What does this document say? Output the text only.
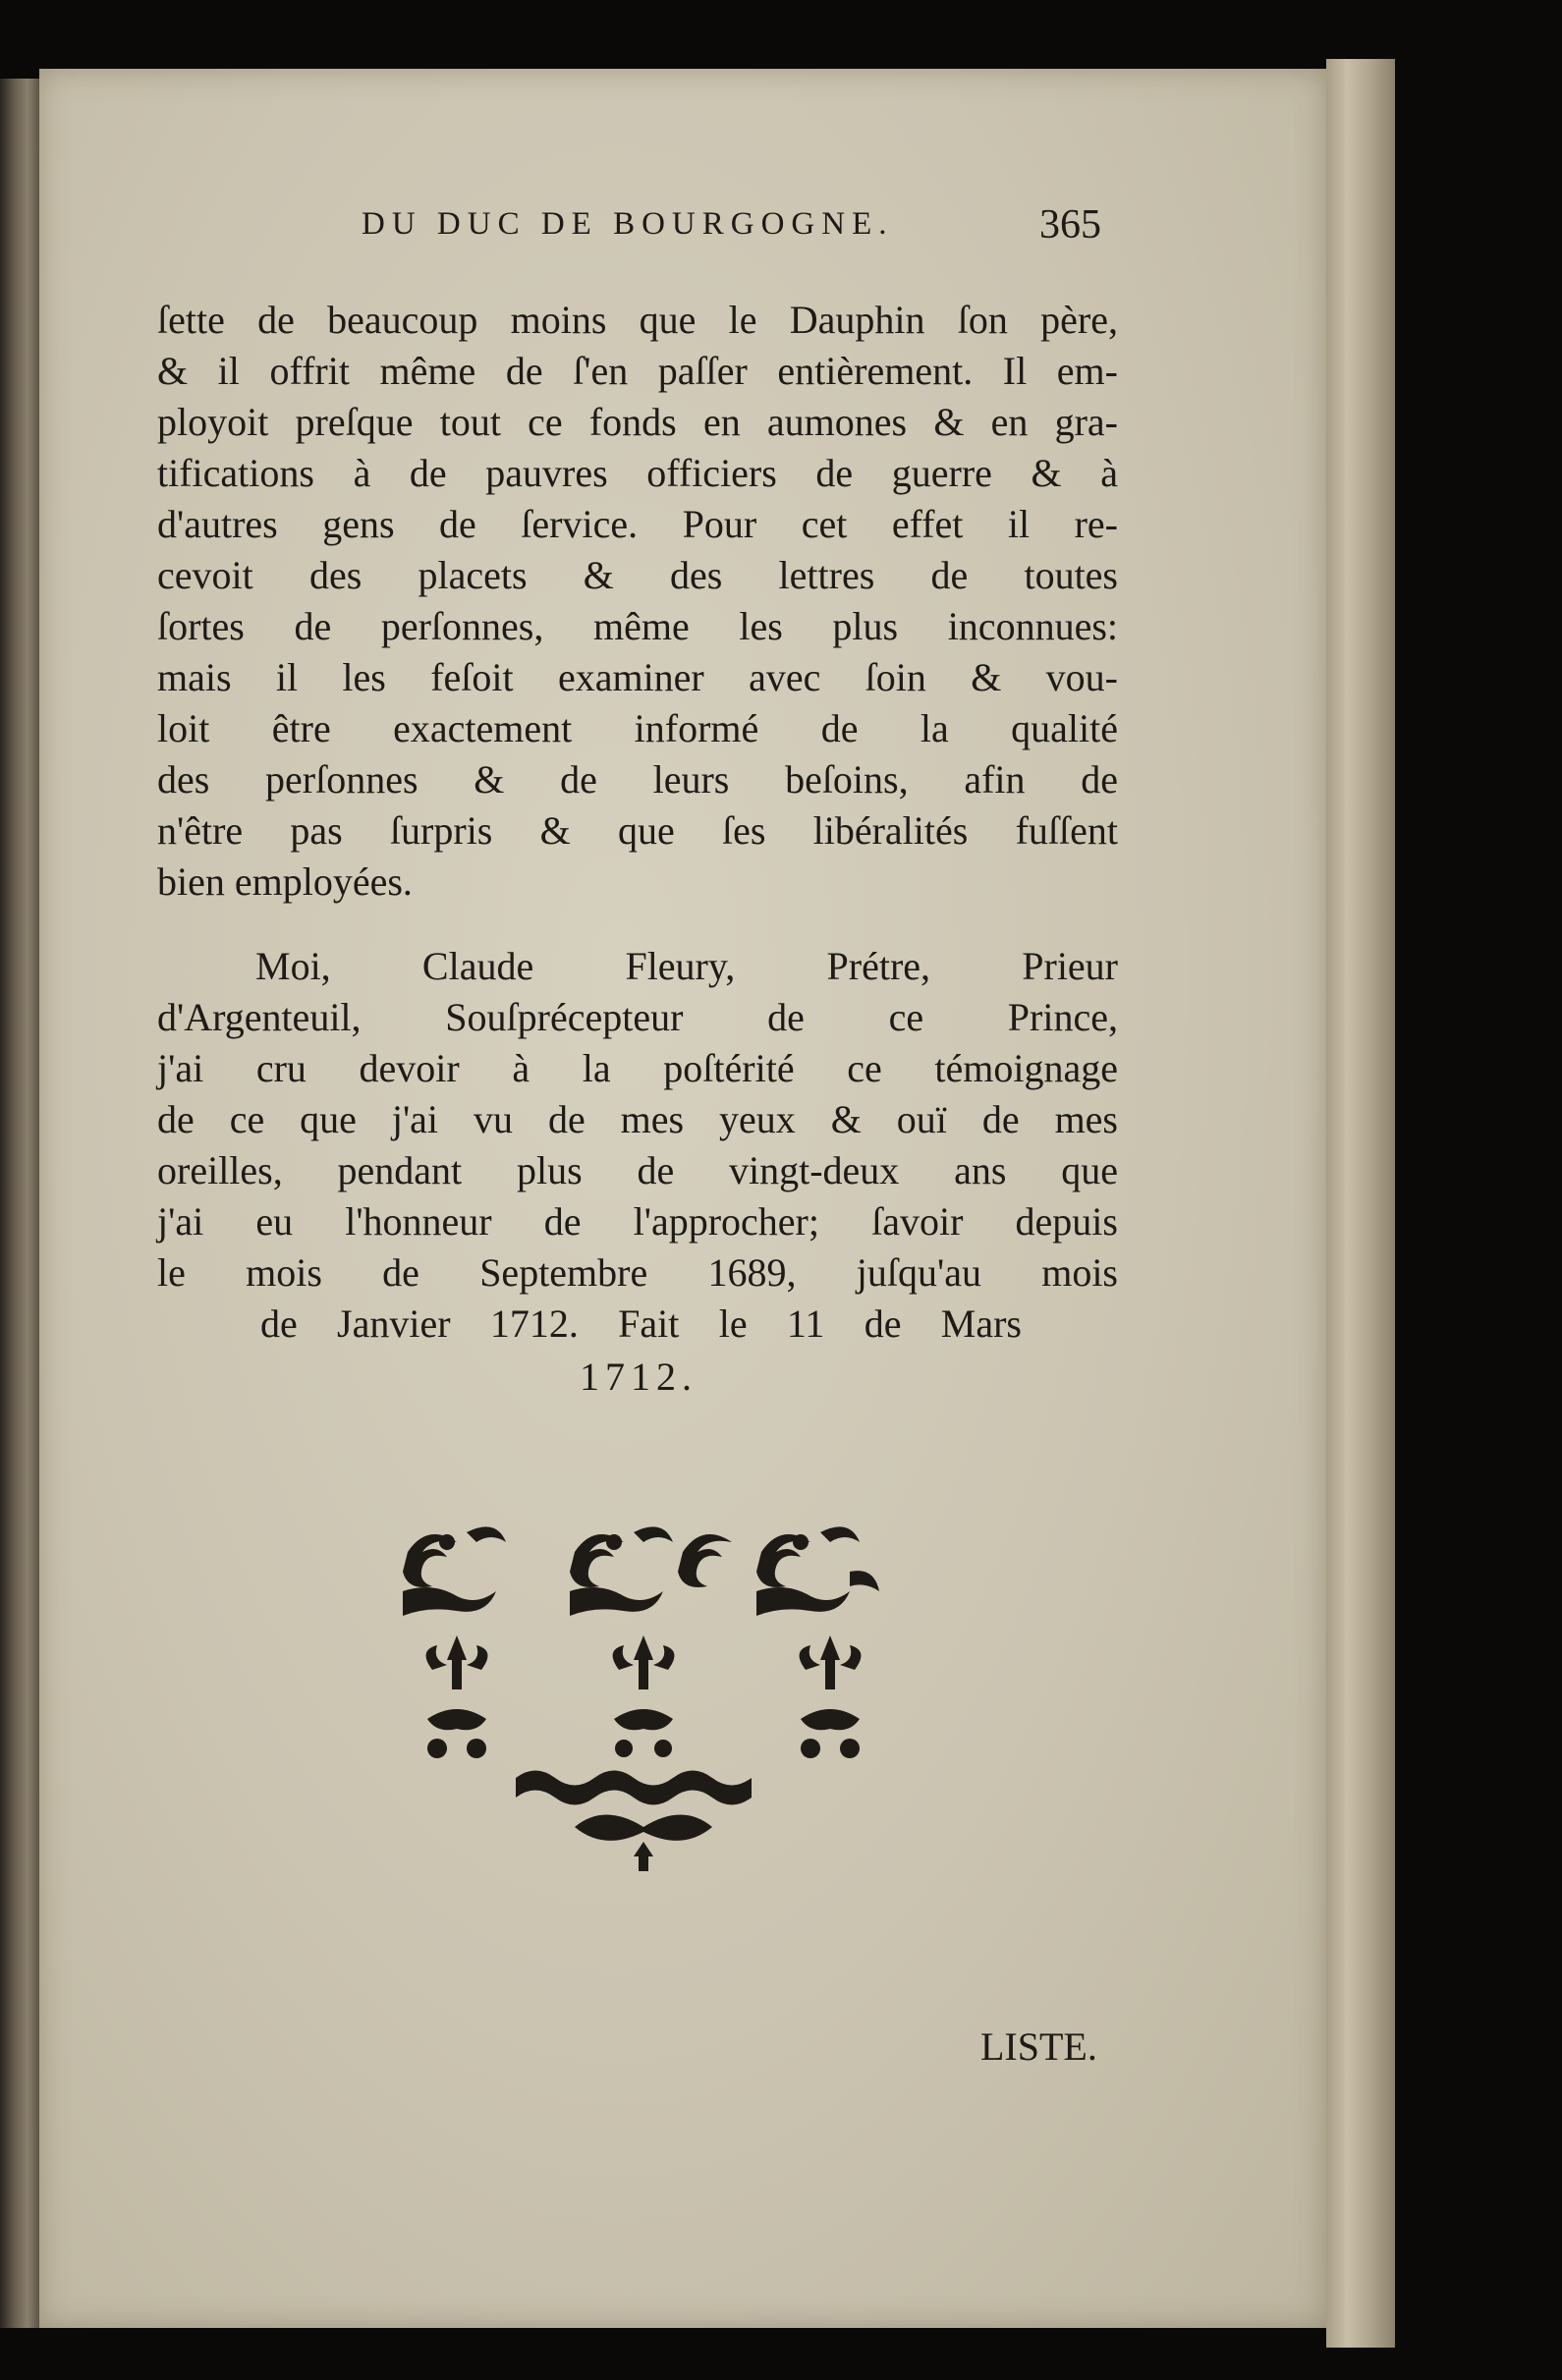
DU DUC DE BOURGOGNE.	365
ſette de beaucoup moins que le Dauphin ſon père,
& il offrit même de ſ'en paſſer entièrement. Il em-
ployoit preſque tout ce fonds en aumones & en gra-
tifications à de pauvres officiers de guerre & à
d'autres gens de ſervice. Pour cet effet il re-
cevoit des placets & des lettres de toutes
ſortes de perſonnes, même les plus inconnues:
mais il les feſoit examiner avec ſoin & vou-
loit être exactement informé de la qualité
des perſonnes & de leurs beſoins, afin de
n'être pas ſurpris & que ſes libéralités fuſſent
bien employées.
Moi, Claude Fleury, Prétre, Prieur
d'Argenteuil, Souſprécepteur de ce Prince,
j'ai cru devoir à la poſtérité ce témoignage
de ce que j'ai vu de mes yeux & ouï de mes
oreilles, pendant plus de vingt-deux ans que
j'ai eu l'honneur de l'approcher; ſavoir depuis
le mois de Septembre 1689, juſqu'au mois
de Janvier 1712. Fait le 11 de Mars
1712.
LISTE.
